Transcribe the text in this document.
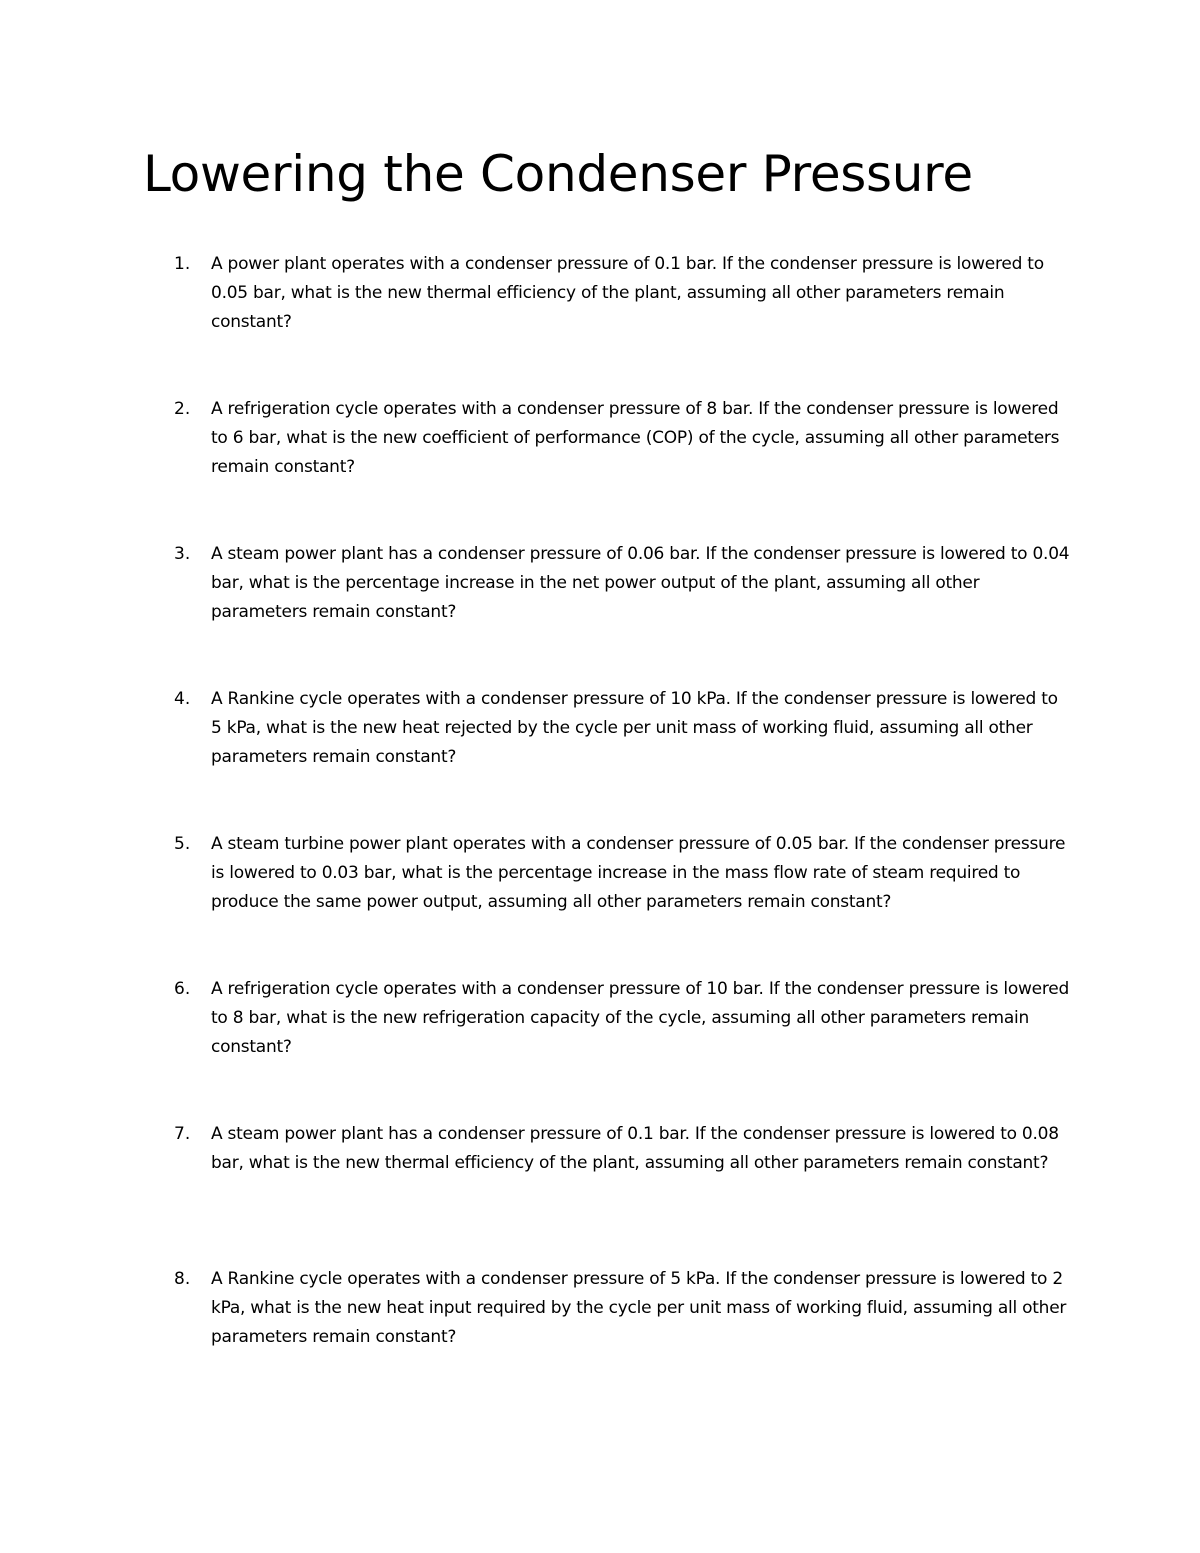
Lowering the Condenser Pressure
1. A power plant operates with a condenser pressure of 0.1 bar. If the condenser pressure is lowered to 0.05 bar, what is the new thermal efficiency of the plant, assuming all other parameters remain constant?

2. A refrigeration cycle operates with a condenser pressure of 8 bar. If the condenser pressure is lowered to 6 bar, what is the new coefficient of performance (COP) of the cycle, assuming all other parameters remain constant?

3. A steam power plant has a condenser pressure of 0.06 bar. If the condenser pressure is lowered to 0.04 bar, what is the percentage increase in the net power output of the plant, assuming all other parameters remain constant?

4. A Rankine cycle operates with a condenser pressure of 10 kPa. If the condenser pressure is lowered to 5 kPa, what is the new heat rejected by the cycle per unit mass of working fluid, assuming all other parameters remain constant?

5. A steam turbine power plant operates with a condenser pressure of 0.05 bar. If the condenser pressure is lowered to 0.03 bar, what is the percentage increase in the mass flow rate of steam required to produce the same power output, assuming all other parameters remain constant?

6. A refrigeration cycle operates with a condenser pressure of 10 bar. If the condenser pressure is lowered to 8 bar, what is the new refrigeration capacity of the cycle, assuming all other parameters remain constant?

7. A steam power plant has a condenser pressure of 0.1 bar. If the condenser pressure is lowered to 0.08 bar, what is the new thermal efficiency of the plant, assuming all other parameters remain constant?

8. A Rankine cycle operates with a condenser pressure of 5 kPa. If the condenser pressure is lowered to 2 kPa, what is the new heat input required by the cycle per unit mass of working fluid, assuming all other parameters remain constant?
